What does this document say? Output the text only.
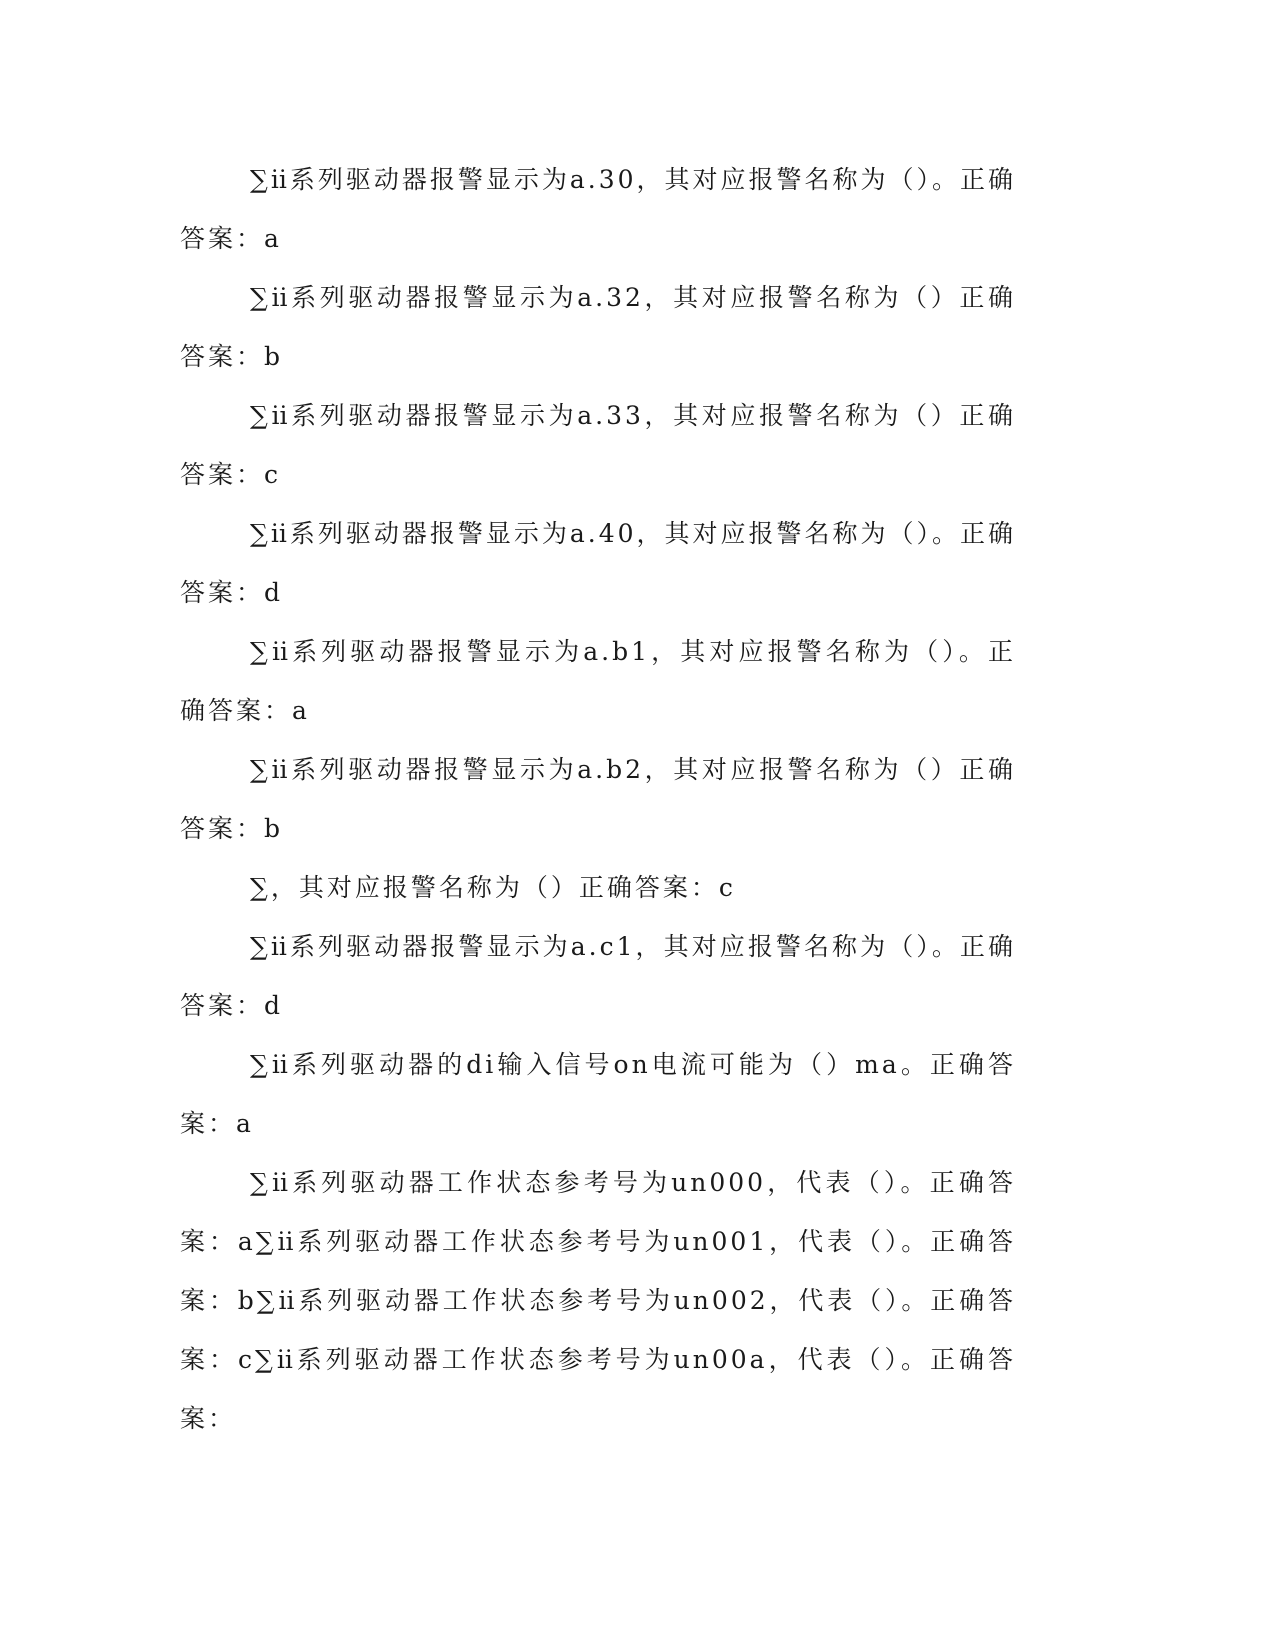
∑ⅱ系列驱动器报警显示为a.30，其对应报警名称为（）。正确答案：a

∑ⅱ系列驱动器报警显示为a.32，其对应报警名称为（）正确答案：b

∑ⅱ系列驱动器报警显示为a.33，其对应报警名称为（）正确答案：c

∑ⅱ系列驱动器报警显示为a.40，其对应报警名称为（）。正确答案：d

∑ⅱ系列驱动器报警显示为a.b1，其对应报警名称为（）。正确答案：a

∑ⅱ系列驱动器报警显示为a.b2，其对应报警名称为（）正确答案：b

∑，其对应报警名称为（）正确答案：c

∑ⅱ系列驱动器报警显示为a.c1，其对应报警名称为（）。正确答案：d

∑ⅱ系列驱动器的di输入信号on电流可能为（）ma。正确答案：a

∑ⅱ系列驱动器工作状态参考号为un000，代表（）。正确答案：a∑ⅱ系列驱动器工作状态参考号为un001，代表（）。正确答案：b∑ⅱ系列驱动器工作状态参考号为un002，代表（）。正确答案：c∑ⅱ系列驱动器工作状态参考号为un00a，代表（）。正确答案：
